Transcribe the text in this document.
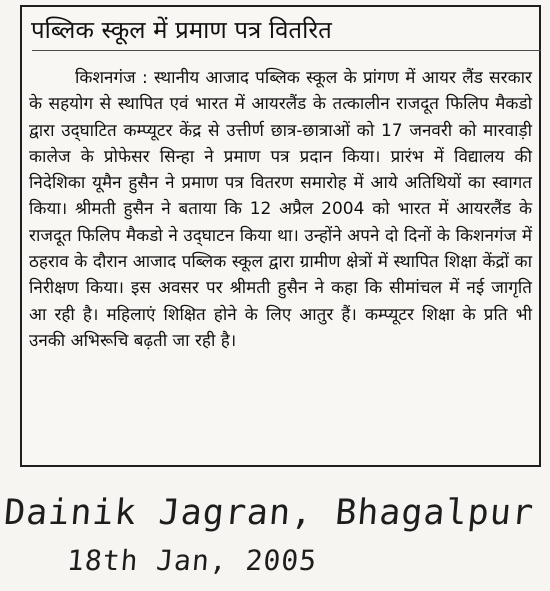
पब्लिक स्कूल में प्रमाण पत्र वितरित
किशनगंज : स्थानीय आजाद पब्लिक स्कूल के प्रांगण में आयर लैंड सरकार के सहयोग से स्थापित एवं भारत में आयरलैंड के तत्कालीन राजदूत फिलिप मैकडो द्वारा उद्‌घाटित कम्प्यूटर केंद्र से उत्तीर्ण छात्र-छात्राओं को 17 जनवरी को मारवाड़ी कालेज के प्रोफेसर सिन्हा ने प्रमाण पत्र प्रदान किया। प्रारंभ में विद्यालय की निदेशिका यूमैन हुसैन ने प्रमाण पत्र वितरण समारोह में आये अतिथियों का स्वागत किया। श्रीमती हुसैन ने बताया कि 12 अप्रैल 2004 को भारत में आयरलैंड के राजदूत फिलिप मैकडो ने उद्‌घाटन किया था। उन्होंने अपने दो दिनों के किशनगंज में ठहराव के दौरान आजाद पब्लिक स्कूल द्वारा ग्रामीण क्षेत्रों में स्थापित शिक्षा केंद्रों का निरीक्षण किया। इस अवसर पर श्रीमती हुसैन ने कहा कि सीमांचल में नई जागृति आ रही है। महिलाएं शिक्षित होने के लिए आतुर हैं। कम्प्यूटर शिक्षा के प्रति भी उनकी अभिरूचि बढ़ती जा रही है।
Dainik Jagran, Bhagalpur
18th Jan, 2005
